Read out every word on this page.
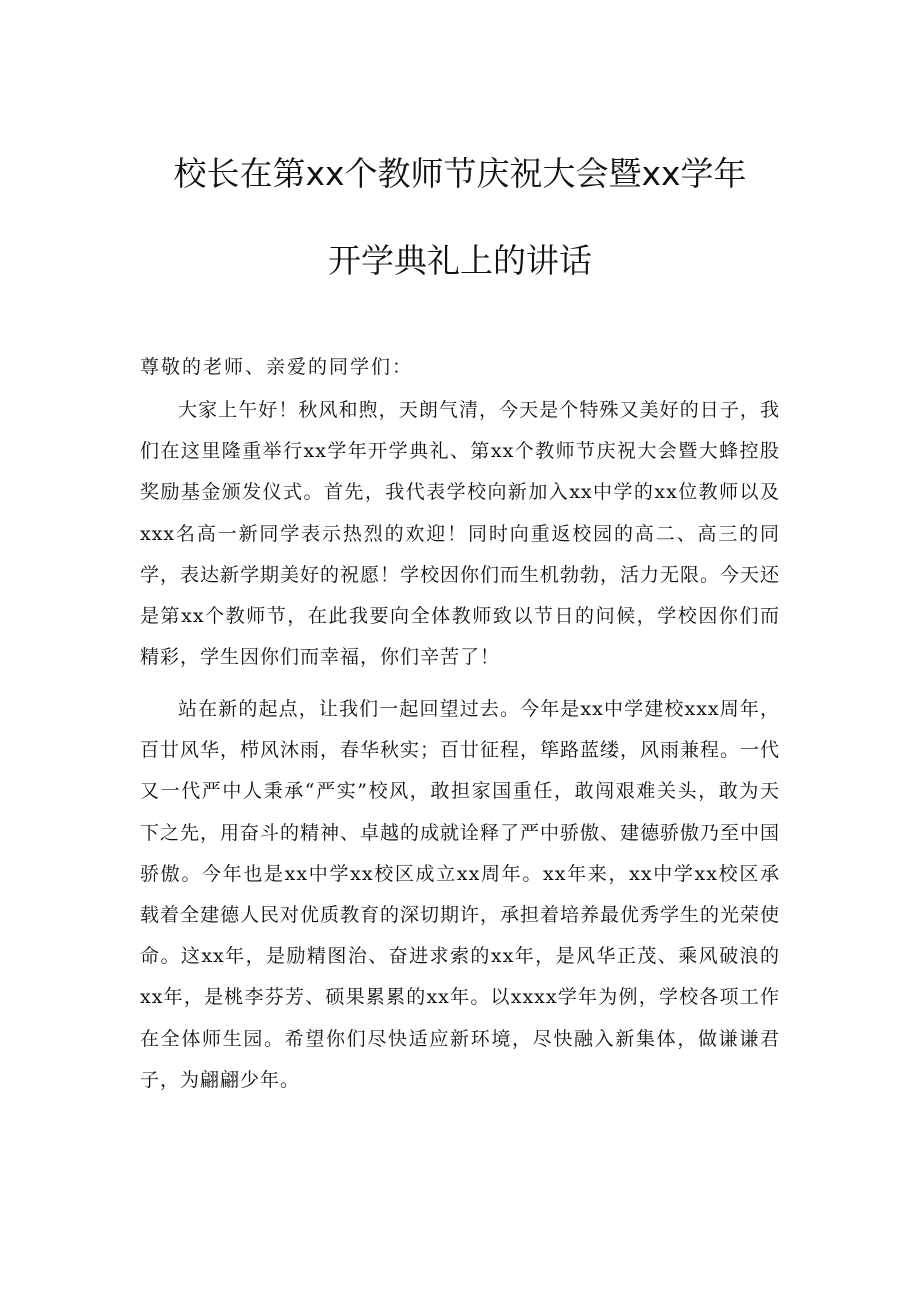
校长在第xx个教师节庆祝大会暨xx学年
开学典礼上的讲话
尊敬的老师、亲爱的同学们：

大家上午好！秋风和煦，天朗气清，今天是个特殊又美好的日子，我们在这里隆重举行xx学年开学典礼、第xx个教师节庆祝大会暨大蜂控股奖励基金颁发仪式。首先，我代表学校向新加入xx中学的xx位教师以及xxx名高一新同学表示热烈的欢迎！同时向重返校园的高二、高三的同学，表达新学期美好的祝愿！学校因你们而生机勃勃，活力无限。今天还是第xx个教师节，在此我要向全体教师致以节日的问候，学校因你们而精彩，学生因你们而幸福，你们辛苦了！

站在新的起点，让我们一起回望过去。今年是xx中学建校xxx周年，百廿风华，栉风沐雨，春华秋实；百廿征程，筚路蓝缕，风雨兼程。一代又一代严中人秉承“严实”校风，敢担家国重任，敢闯艰难关头，敢为天下之先，用奋斗的精神、卓越的成就诠释了严中骄傲、建德骄傲乃至中国骄傲。今年也是xx中学xx校区成立xx周年。xx年来，xx中学xx校区承载着全建德人民对优质教育的深切期许，承担着培养最优秀学生的光荣使命。这xx年，是励精图治、奋进求索的xx年，是风华正茂、乘风破浪的xx年，是桃李芬芳、硕果累累的xx年。以xxxx学年为例，学校各项工作在全体师生园。希望你们尽快适应新环境，尽快融入新集体，做谦谦君子，为翩翩少年。
